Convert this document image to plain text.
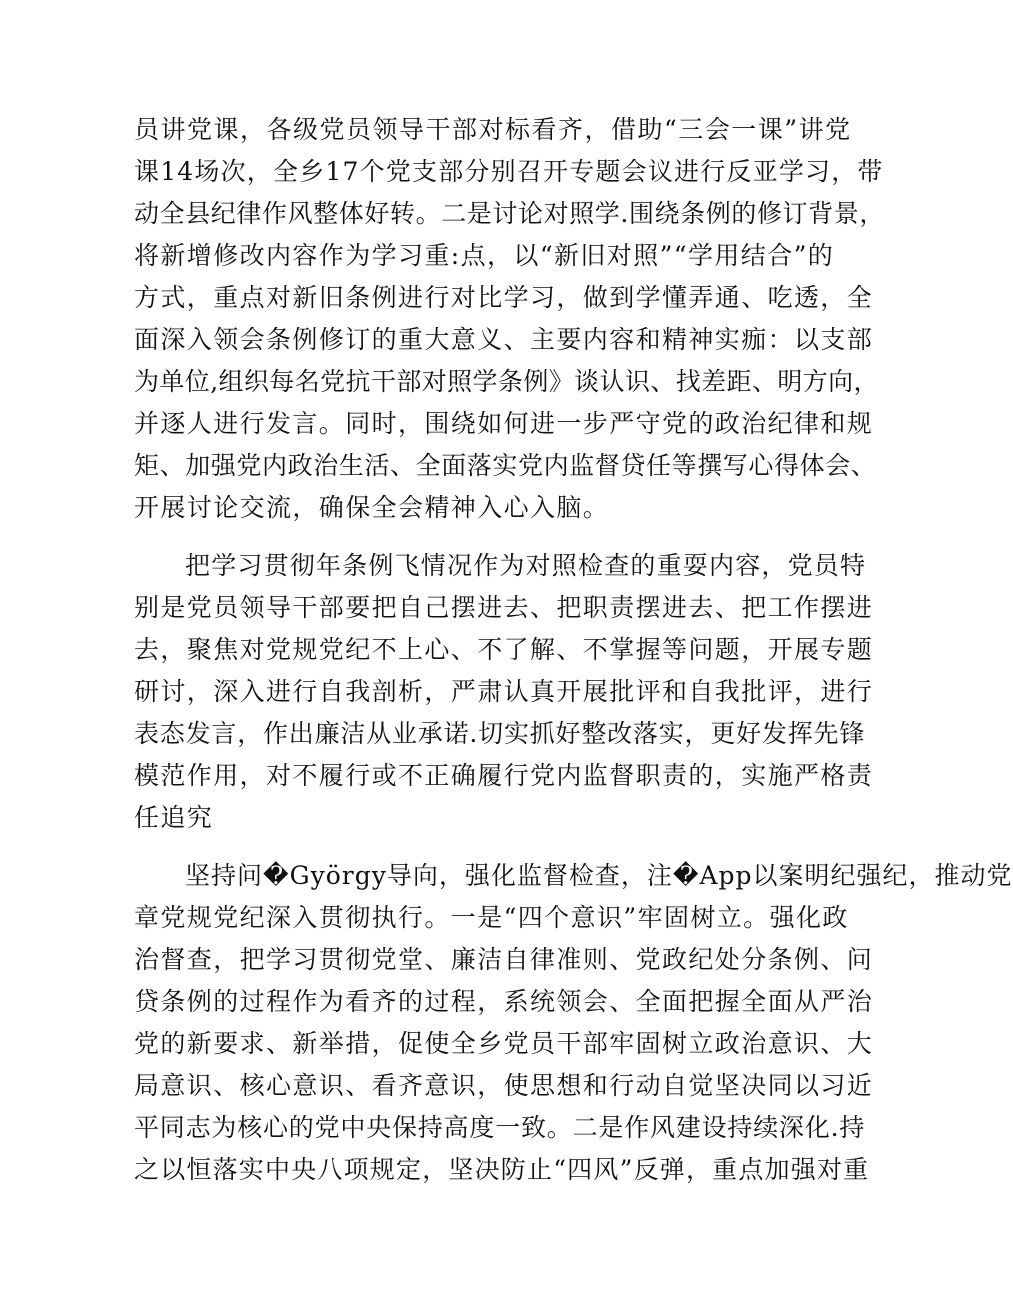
员讲党课，各级党员领导干部对标看齐，借助“三会一课”讲党
课14场次，全乡17个党支部分别召开专题会议进行反亚学习，带
动全县纪律作风整体好转。二是讨论对照学.围绕条例的修订背景，
将新增修改内容作为学习重:点，以“新旧对照”“学用结合”的
方式，重点对新旧条例进行对比学习，做到学懂弄通、吃透，全
面深入领会条例修订的重大意义、主要内容和精神实痂：以支部
为单位,组织每名党抗干部对照学条例》谈认识、找差距、明方向，
并逐人进行发言。同时，围绕如何进一步严守党的政治纪律和规
矩、加强党内政治生活、全面落实党内监督贷任等撰写心得体会、
开展讨论交流，确保全会精神入心入脑。
把学习贯彻年条例飞情况作为对照检查的重耍内容，党员特
别是党员领导干部要把自己摆进去、把职责摆进去、把工作摆进
去，聚焦对党规党纪不上心、不了解、不掌握等问题，开展专题
研讨，深入进行自我剖析，严肃认真开展批评和自我批评，进行
表态发言，作出廉洁从业承诺.切实抓好整改落实，更好发挥先锋
模范作用，对不履行或不正确履行党内监督职责的，实施严格责
任追究
坚持问�György导向，强化监督检查，注�App以案明纪强纪，推动党
章党规党纪深入贯彻执行。一是“四个意识”牢固树立。强化政
治督查，把学习贯彻党堂、廉洁自律准则、党政纪处分条例、问
贷条例的过程作为看齐的过程，系统领会、全面把握全面从严治
党的新要求、新举措，促使全乡党员干部牢固树立政治意识、大
局意识、核心意识、看齐意识，使思想和行动自觉坚决同以习近
平同志为核心的党中央保持高度一致。二是作风建设持续深化.持
之以恒落实中央八项规定，坚决防止“四风”反弹，重点加强对重
